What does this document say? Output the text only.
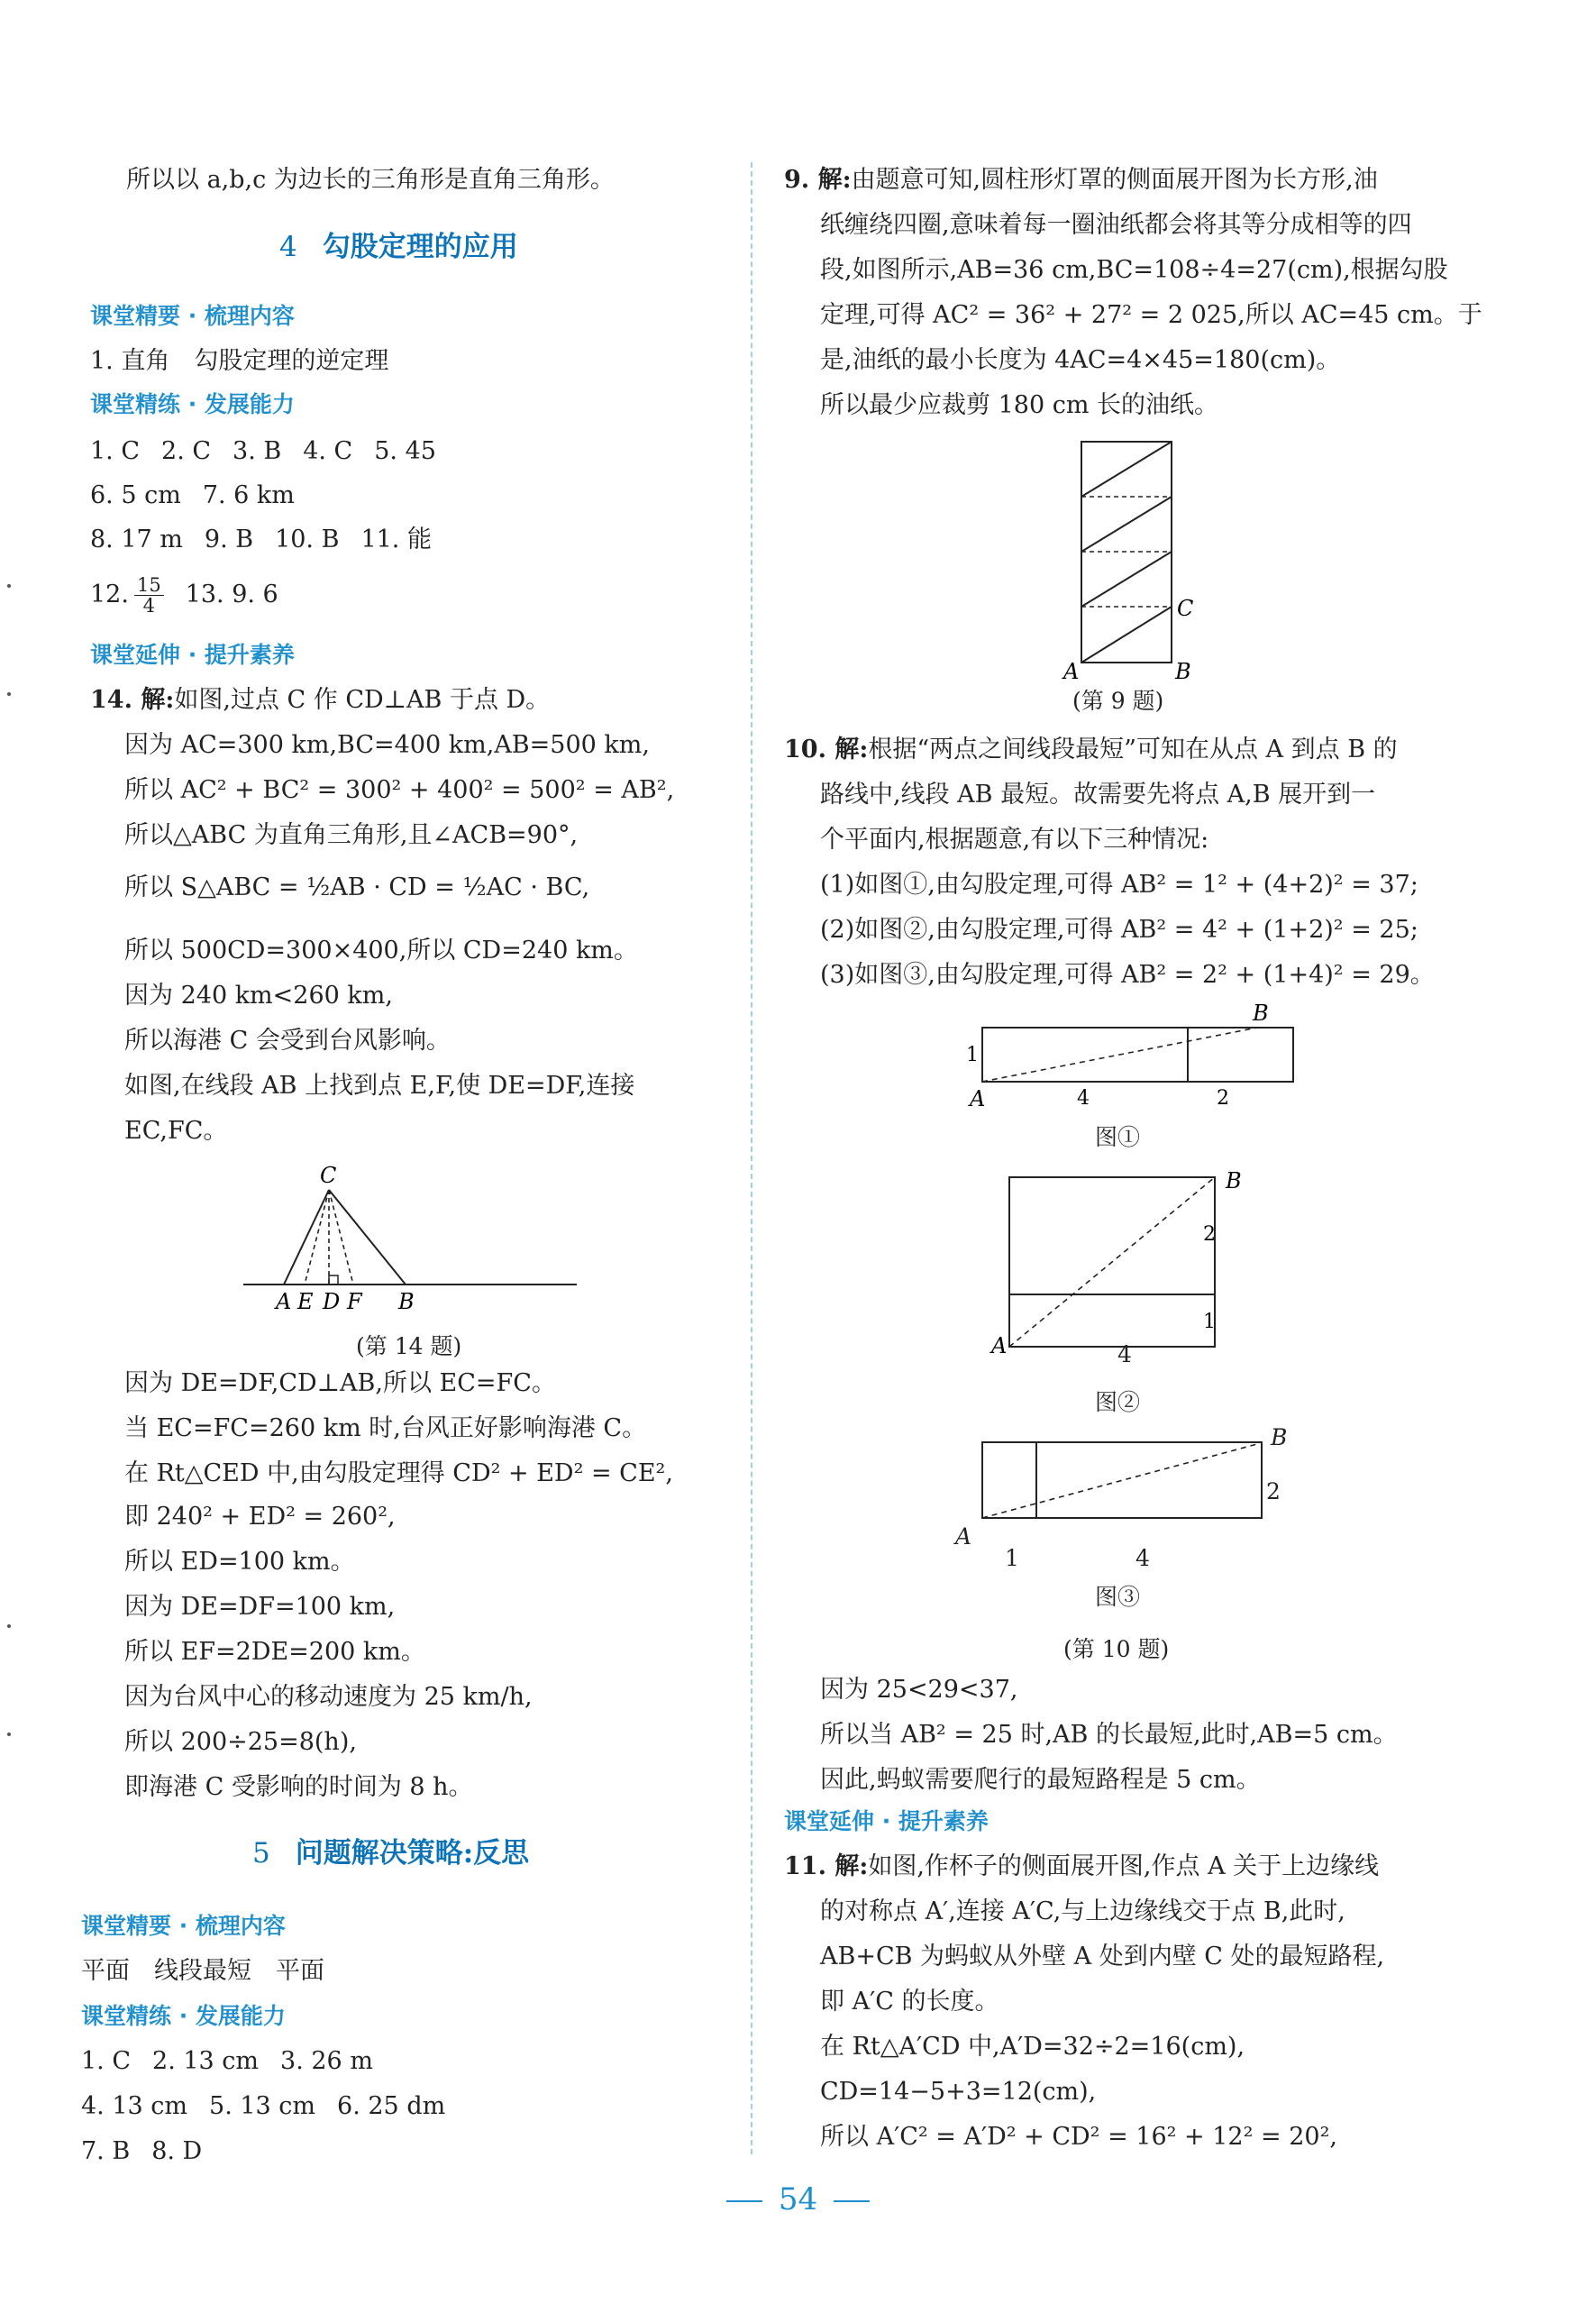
所以以 a,b,c 为边长的三角形是直角三角形。
4 勾股定理的应用
课堂精要 · 梳理内容
1. 直角　勾股定理的逆定理
课堂精练 · 发展能力
1. C 2. C 3. B 4. C 5. 45
6. 5 cm 7. 6 km
8. 17 m 9. B 10. B 11. 能
12. $\frac{15}{4} 13$. 9. 6
课堂延伸 · 提升素养
14. 解:如图,过点 C 作 CD⊥AB 于点 D。
因为 AC=300 km,BC=400 km,AB=500 km,
所以 AC² + BC² = 300² + 400² = 500² = AB²,
所以△ABC 为直角三角形,且∠ACB=90°,
所以 S△ABC = ½AB · CD = ½AC · BC,
所以 500CD=300×400,所以 CD=240 km。
因为 240 km<260 km,
所以海港 C 会受到台风影响。
如图,在线段 AB 上找到点 E,F,使 DE=DF,连接
EC,FC。
C
A E D F B
(第 14 题)
因为 DE=DF,CD⊥AB,所以 EC=FC。
当 EC=FC=260 km 时,台风正好影响海港 C。
在 Rt△CED 中,由勾股定理得 CD² + ED² = CE²,
即 240² + ED² = 260²,
所以 ED=100 km。
因为 DE=DF=100 km,
所以 EF=2DE=200 km。
因为台风中心的移动速度为 25 km/h,
所以 200÷25=8(h),
即海港 C 受影响的时间为 8 h。
5 问题解决策略:反思
课堂精要 · 梳理内容
平面　线段最短　平面
课堂精练 · 发展能力
1. C 2. 13 cm 3. 26 m
4. 13 cm 5. 13 cm 6. 25 dm
7. B 8. D
9. 解:由题意可知,圆柱形灯罩的侧面展开图为长方形,油
纸缠绕四圈,意味着每一圈油纸都会将其等分成相等的四
段,如图所示,AB=36 cm,BC=108÷4=27(cm),根据勾股
定理,可得 AC² = 36² + 27² = 2 025,所以 AC=45 cm。于
是,油纸的最小长度为 4AC=4×45=180(cm)。
所以最少应裁剪 180 cm 长的油纸。
C
A	B
(第 9 题)
10. 解:根据“两点之间线段最短”可知在从点 A 到点 B 的
路线中,线段 AB 最短。故需要先将点 A,B 展开到一
个平面内,根据题意,有以下三种情况:
(1)如图①,由勾股定理,可得 AB² = 1² + (4+2)² = 37;
(2)如图②,由勾股定理,可得 AB² = 4² + (1+2)² = 25;
(3)如图③,由勾股定理,可得 AB² = 2² + (1+4)² = 29。
B
1
A	4	2
图①
B
2
1
A	4
图②
B
2
A
1	4
图③
(第 10 题)
因为 25<29<37,
所以当 AB² = 25 时,AB 的长最短,此时,AB=5 cm。
因此,蚂蚁需要爬行的最短路程是 5 cm。
课堂延伸 · 提升素养
11. 解:如图,作杯子的侧面展开图,作点 A 关于上边缘线
的对称点 A′,连接 A′C,与上边缘线交于点 B,此时,
AB+CB 为蚂蚁从外壁 A 处到内壁 C 处的最短路程,
即 A′C 的长度。
在 Rt△A′CD 中,A′D=32÷2=16(cm),
CD=14−5+3=12(cm),
所以 A′C² = A′D² + CD² = 16² + 12² = 20²,
54
